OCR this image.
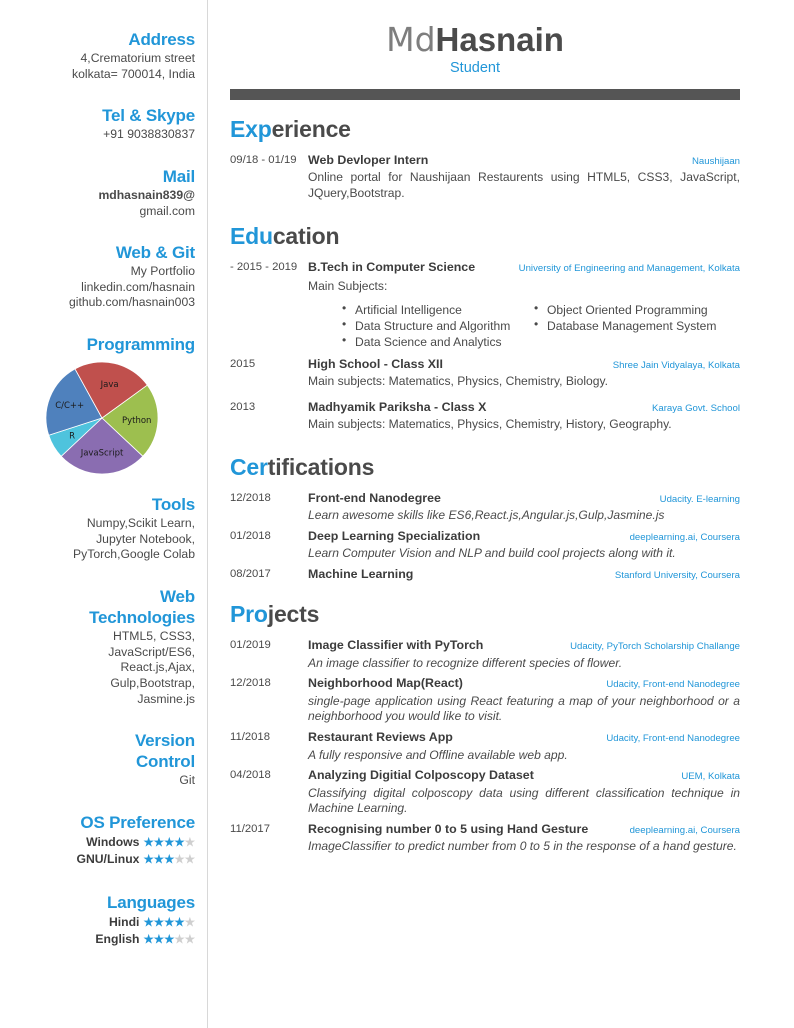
Address
4,Crematorium street
kolkata= 700014, India
Tel & Skype
+91 9038830837
Mail
mdhasnain839@
gmail.com
Web & Git
My Portfolio
linkedin.com/hasnain
github.com/hasnain003
Programming
Python
JavaScript
R
C/C++
Java
Tools
Numpy,Scikit Learn,
Jupyter Notebook,
PyTorch,Google Colab
Web
Technologies
HTML5, CSS3,
JavaScript/ES6,
React.js,Ajax,
Gulp,Bootstrap,
Jasmine.js
Version
Control
Git
OS Preference
Windows ★★★★★
GNU/Linux ★★★★★
Languages
Hindi ★★★★★
English ★★★★★
MdHasnain
Student
Experience
09/18 - 01/19 Web Devloper Intern	Naushijaan
Online portal for Naushijaan Restaurents using HTML5, CSS3, JavaScript, JQuery,Bootstrap.
Education
- 2015 - 2019 B.Tech in Computer Science	University of Engineering and Management, Kolkata
Main Subjects:
• Artificial Intelligence
• Data Structure and Algorithm
• Data Science and Analytics
• Object Oriented Programming
• Database Management System
2015	High School - Class XII	Shree Jain Vidyalaya, Kolkata
Main subjects: Matematics, Physics, Chemistry, Biology.
2013	Madhyamik Pariksha - Class X	Karaya Govt. School
Main subjects: Matematics, Physics, Chemistry, History, Geography.
Certifications
12/2018	Front-end Nanodegree	Udacity. E-learning
Learn awesome skills like ES6,React.js,Angular.js,Gulp,Jasmine.js
01/2018	Deep Learning Specialization	deeplearning.ai, Coursera
Learn Computer Vision and NLP and build cool projects along with it.
08/2017	Machine Learning	Stanford University, Coursera
Projects
01/2019	Image Classifier with PyTorch	Udacity, PyTorch Scholarship Challange
An image classifier to recognize different species of flower.
12/2018	Neighborhood Map(React)	Udacity, Front-end Nanodegree
single-page application using React featuring a map of your neighborhood or a neighborhood you would like to visit.
11/2018	Restaurant Reviews App	Udacity, Front-end Nanodegree
A fully responsive and Offline available web app.
04/2018	Analyzing Digitial Colposcopy Dataset	UEM, Kolkata
Classifying digital colposcopy data using different classification technique in Machine Learning.
11/2017	Recognising number 0 to 5 using Hand Gesture	deeplearning.ai, Coursera
ImageClassifier to predict number from 0 to 5 in the response of a hand gesture.
